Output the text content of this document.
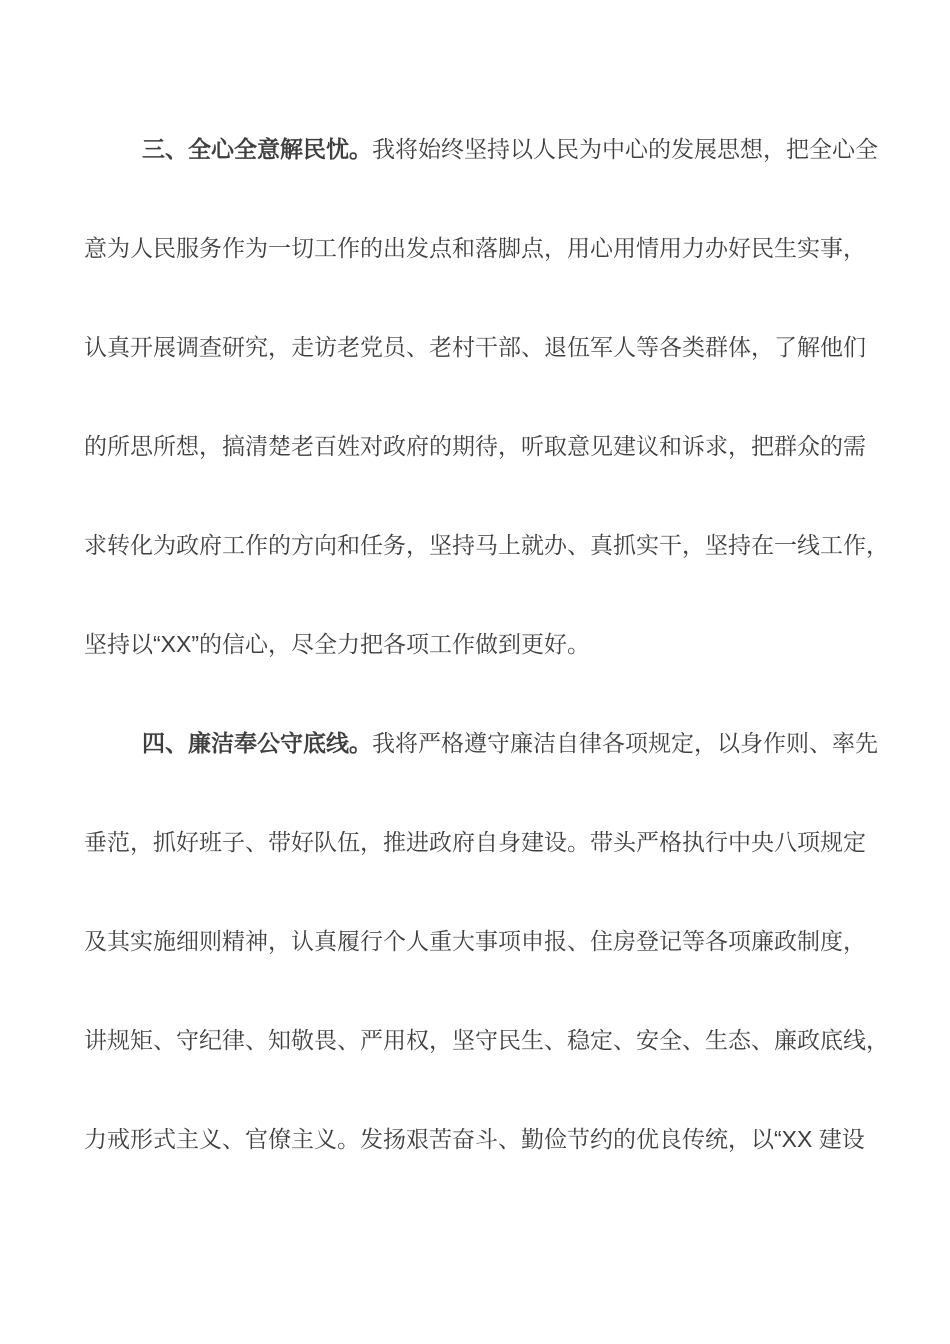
三、全心全意解民忧。我将始终坚持以人民为中心的发展思想，把全心全
意为人民服务作为一切工作的出发点和落脚点，用心用情用力办好民生实事，
认真开展调查研究，走访老党员、老村干部、退伍军人等各类群体，了解他们
的所思所想，搞清楚老百姓对政府的期待，听取意见建议和诉求，把群众的需
求转化为政府工作的方向和任务，坚持马上就办、真抓实干，坚持在一线工作，
坚持以“XX”的信心，尽全力把各项工作做到更好。
四、廉洁奉公守底线。我将严格遵守廉洁自律各项规定，以身作则、率先
垂范，抓好班子、带好队伍，推进政府自身建设。带头严格执行中央八项规定
及其实施细则精神，认真履行个人重大事项申报、住房登记等各项廉政制度，
讲规矩、守纪律、知敬畏、严用权，坚守民生、稳定、安全、生态、廉政底线，
力戒形式主义、官僚主义。发扬艰苦奋斗、勤俭节约的优良传统，以“XX 建设
